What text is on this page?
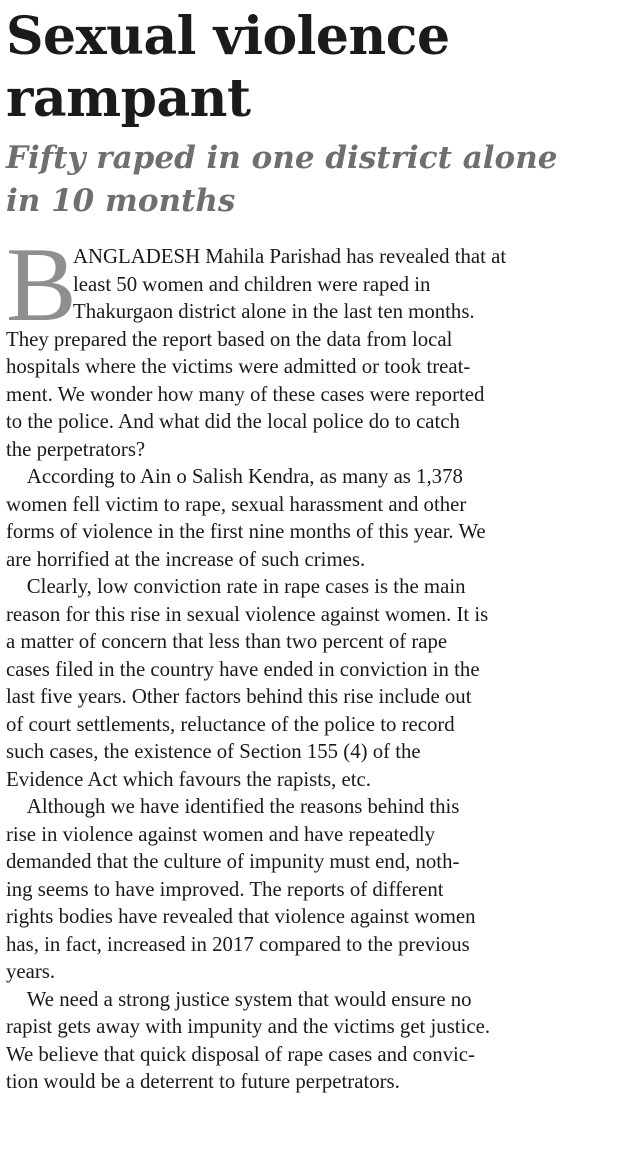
Sexual violence
rampant
Fifty raped in one district alone
in 10 months
B
ANGLADESH Mahila Parishad has revealed that at
least 50 women and children were raped in
Thakurgaon district alone in the last ten months.
They prepared the report based on the data from local
hospitals where the victims were admitted or took treat-
ment. We wonder how many of these cases were reported
to the police. And what did the local police do to catch
the perpetrators?
 According to Ain o Salish Kendra, as many as 1,378
women fell victim to rape, sexual harassment and other
forms of violence in the first nine months of this year. We
are horrified at the increase of such crimes.
 Clearly, low conviction rate in rape cases is the main
reason for this rise in sexual violence against women. It is
a matter of concern that less than two percent of rape
cases filed in the country have ended in conviction in the
last five years. Other factors behind this rise include out
of court settlements, reluctance of the police to record
such cases, the existence of Section 155 (4) of the
Evidence Act which favours the rapists, etc.
 Although we have identified the reasons behind this
rise in violence against women and have repeatedly
demanded that the culture of impunity must end, noth-
ing seems to have improved. The reports of different
rights bodies have revealed that violence against women
has, in fact, increased in 2017 compared to the previous
years.
 We need a strong justice system that would ensure no
rapist gets away with impunity and the victims get justice.
We believe that quick disposal of rape cases and convic-
tion would be a deterrent to future perpetrators.
